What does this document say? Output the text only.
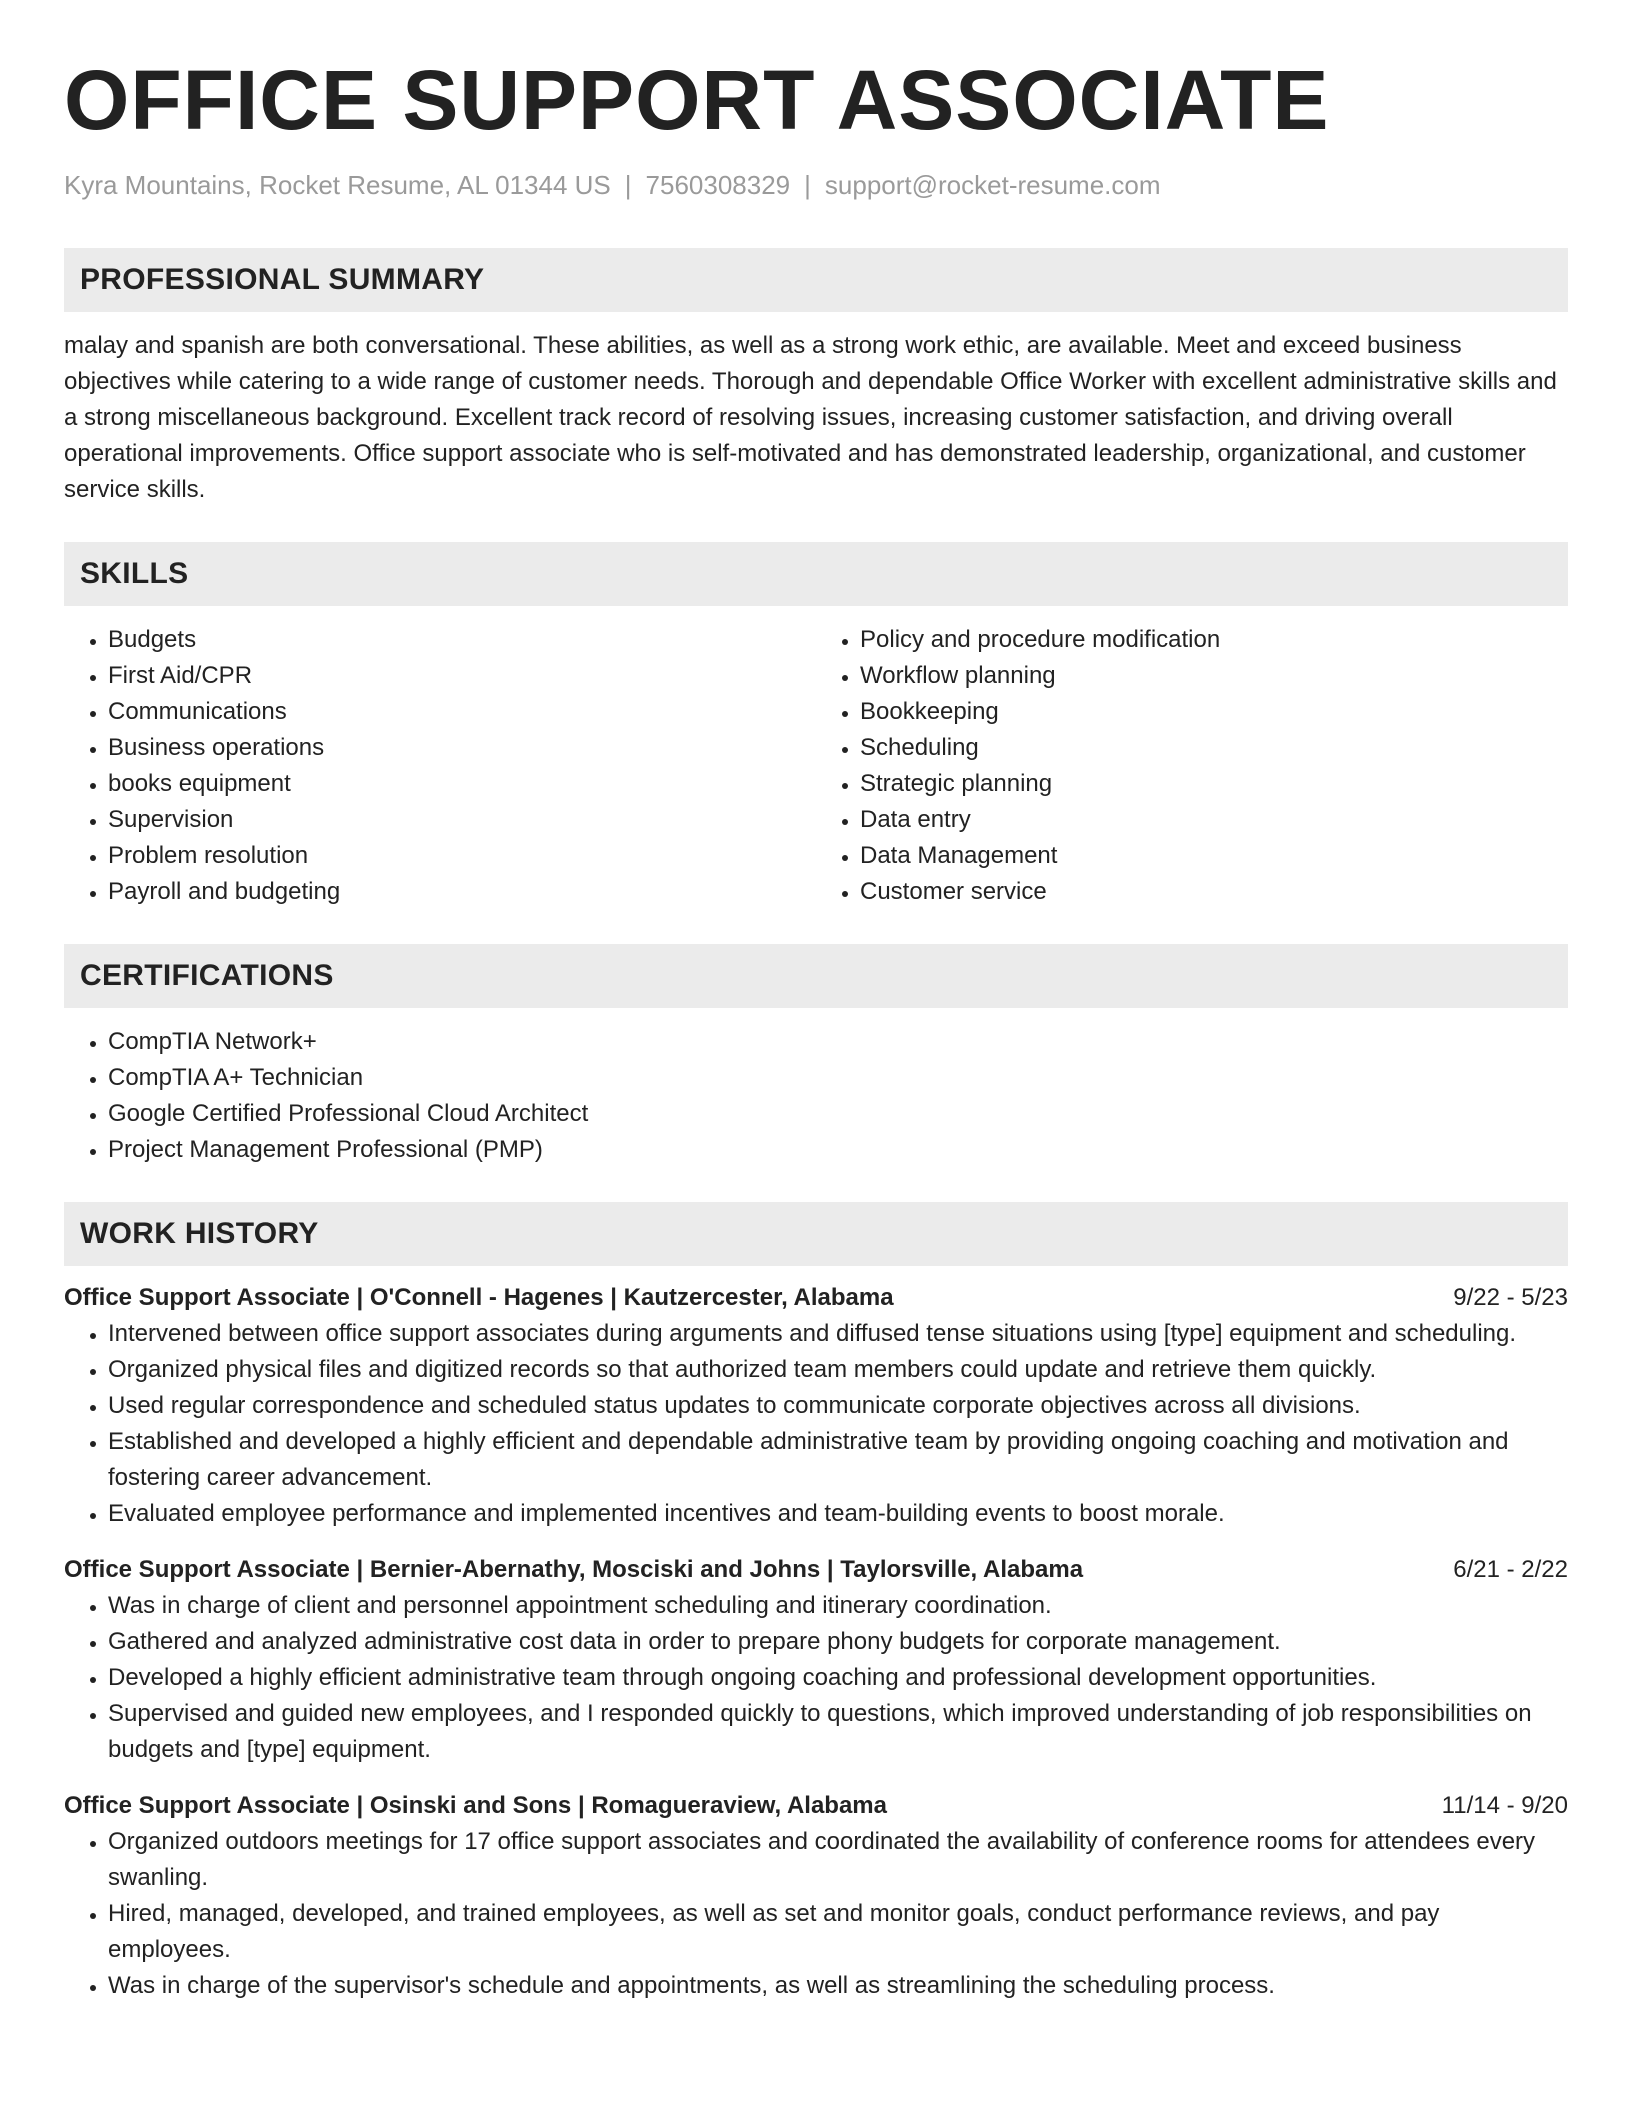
OFFICE SUPPORT ASSOCIATE
Kyra Mountains, Rocket Resume, AL 01344 US | 7560308329 | support@rocket-resume.com
PROFESSIONAL SUMMARY

malay and spanish are both conversational. These abilities, as well as a strong work ethic, are available. Meet and exceed business objectives while catering to a wide range of customer needs. Thorough and dependable Office Worker with excellent administrative skills and a strong miscellaneous background. Excellent track record of resolving issues, increasing customer satisfaction, and driving overall operational improvements. Office support associate who is self-motivated and has demonstrated leadership, organizational, and customer service skills.

SKILLS
• Budgets
• First Aid/CPR
• Communications
• Business operations
• books equipment
• Supervision
• Problem resolution
• Payroll and budgeting
• Policy and procedure modification
• Workflow planning
• Bookkeeping
• Scheduling
• Strategic planning
• Data entry
• Data Management
• Customer service
CERTIFICATIONS
• CompTIA Network+
• CompTIA A+ Technician
• Google Certified Professional Cloud Architect
• Project Management Professional (PMP)
WORK HISTORY
Office Support Associate | O'Connell - Hagenes | Kautzercester, Alabama	9/22 - 5/23
• Intervened between office support associates during arguments and diffused tense situations using [type] equipment and scheduling.
• Organized physical files and digitized records so that authorized team members could update and retrieve them quickly.
• Used regular correspondence and scheduled status updates to communicate corporate objectives across all divisions.
• Established and developed a highly efficient and dependable administrative team by providing ongoing coaching and motivation and fostering career advancement.
• Evaluated employee performance and implemented incentives and team-building events to boost morale.
Office Support Associate | Bernier-Abernathy, Mosciski and Johns | Taylorsville, Alabama	6/21 - 2/22
• Was in charge of client and personnel appointment scheduling and itinerary coordination.
• Gathered and analyzed administrative cost data in order to prepare phony budgets for corporate management.
• Developed a highly efficient administrative team through ongoing coaching and professional development opportunities.
• Supervised and guided new employees, and I responded quickly to questions, which improved understanding of job responsibilities on budgets and [type] equipment.
Office Support Associate | Osinski and Sons | Romagueraview, Alabama	11/14 - 9/20
• Organized outdoors meetings for 17 office support associates and coordinated the availability of conference rooms for attendees every swanling.
• Hired, managed, developed, and trained employees, as well as set and monitor goals, conduct performance reviews, and pay employees.
• Was in charge of the supervisor's schedule and appointments, as well as streamlining the scheduling process.
